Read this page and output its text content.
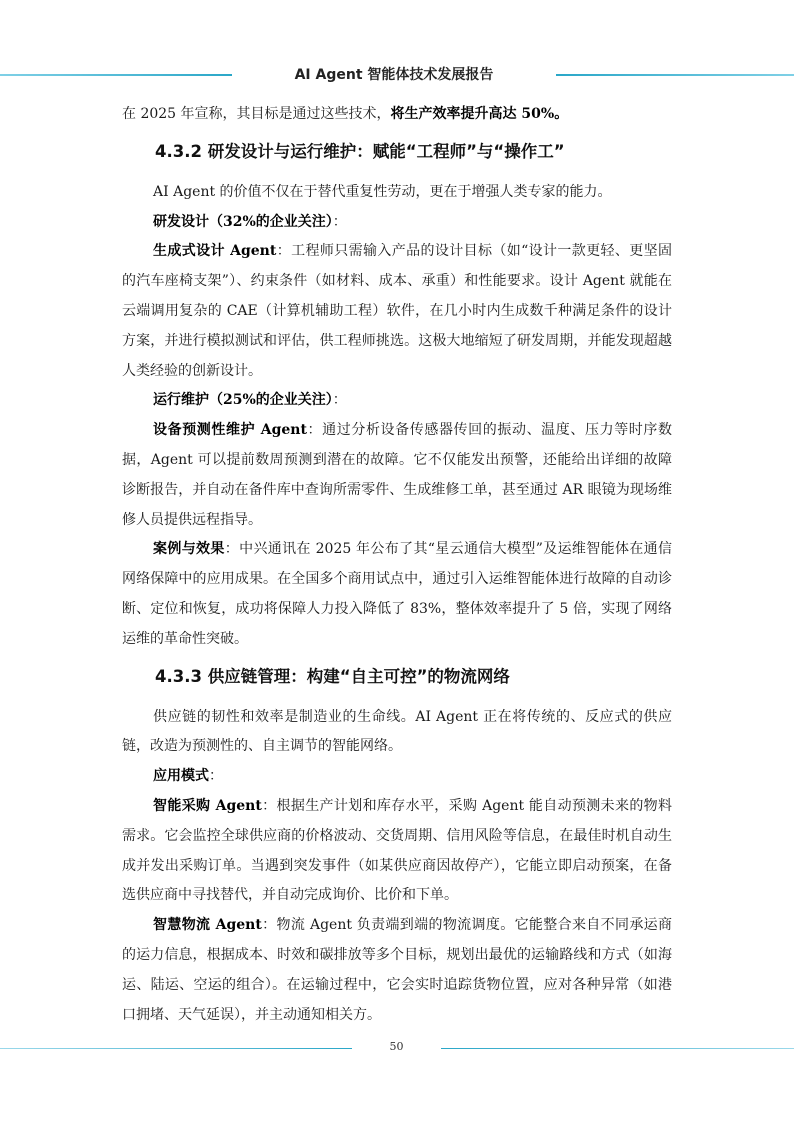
AI Agent 智能体技术发展报告

在 2025 年宣称，其目标是通过这些技术，将生产效率提升高达 50%。

4.3.2 研发设计与运行维护：赋能“工程师”与“操作工”

AI Agent 的价值不仅在于替代重复性劳动，更在于增强人类专家的能力。

研发设计（32%的企业关注）：

生成式设计 Agent：工程师只需输入产品的设计目标（如“设计一款更轻、更坚固的汽车座椅支架”）、约束条件（如材料、成本、承重）和性能要求。设计 Agent 就能在云端调用复杂的 CAE（计算机辅助工程）软件，在几小时内生成数千种满足条件的设计方案，并进行模拟测试和评估，供工程师挑选。这极大地缩短了研发周期，并能发现超越人类经验的创新设计。

运行维护（25%的企业关注）：

设备预测性维护 Agent：通过分析设备传感器传回的振动、温度、压力等时序数据，Agent 可以提前数周预测到潜在的故障。它不仅能发出预警，还能给出详细的故障诊断报告，并自动在备件库中查询所需零件、生成维修工单，甚至通过 AR 眼镜为现场维修人员提供远程指导。

案例与效果：中兴通讯在 2025 年公布了其“星云通信大模型”及运维智能体在通信网络保障中的应用成果。在全国多个商用试点中，通过引入运维智能体进行故障的自动诊断、定位和恢复，成功将保障人力投入降低了 83%，整体效率提升了 5 倍，实现了网络运维的革命性突破。

4.3.3 供应链管理：构建“自主可控”的物流网络

供应链的韧性和效率是制造业的生命线。AI Agent 正在将传统的、反应式的供应链，改造为预测性的、自主调节的智能网络。

应用模式：

智能采购 Agent：根据生产计划和库存水平，采购 Agent 能自动预测未来的物料需求。它会监控全球供应商的价格波动、交货周期、信用风险等信息，在最佳时机自动生成并发出采购订单。当遇到突发事件（如某供应商因故停产），它能立即启动预案，在备选供应商中寻找替代，并自动完成询价、比价和下单。

智慧物流 Agent：物流 Agent 负责端到端的物流调度。它能整合来自不同承运商的运力信息，根据成本、时效和碳排放等多个目标，规划出最优的运输路线和方式（如海运、陆运、空运的组合）。在运输过程中，它会实时追踪货物位置，应对各种异常（如港口拥堵、天气延误），并主动通知相关方。

50
